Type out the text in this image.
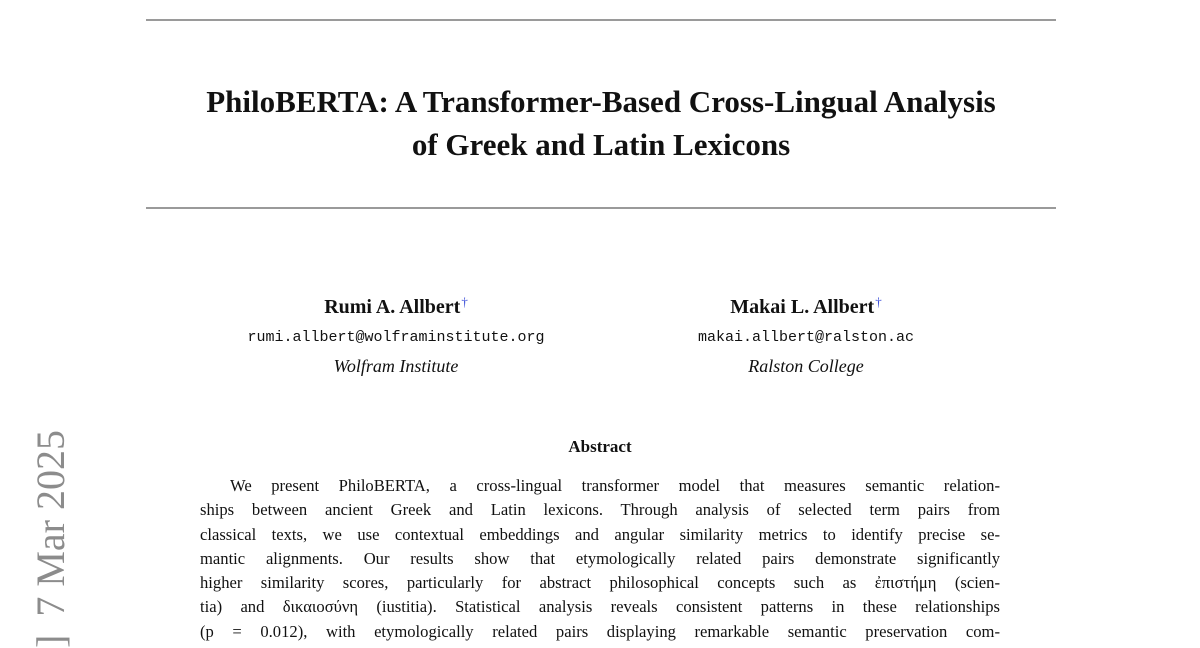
PhiloBERTA: A Transformer-Based Cross-Lingual Analysis
of Greek and Latin Lexicons
Rumi A. Allbert†
rumi.allbert@wolframinstitute.org
Wolfram Institute
Makai L. Allbert†
makai.allbert@ralston.ac
Ralston College
Abstract
We present PhiloBERTA, a cross-lingual transformer model that measures semantic relation-
ships between ancient Greek and Latin lexicons. Through analysis of selected term pairs from
classical texts, we use contextual embeddings and angular similarity metrics to identify precise se-
mantic alignments. Our results show that etymologically related pairs demonstrate significantly
higher similarity scores, particularly for abstract philosophical concepts such as ἐπιστήμη (scien-
tia) and δικαιοσύνη (iustitia). Statistical analysis reveals consistent patterns in these relationships
(p = 0.012), with etymologically related pairs displaying remarkable semantic preservation com-
]7 Mar 2025
